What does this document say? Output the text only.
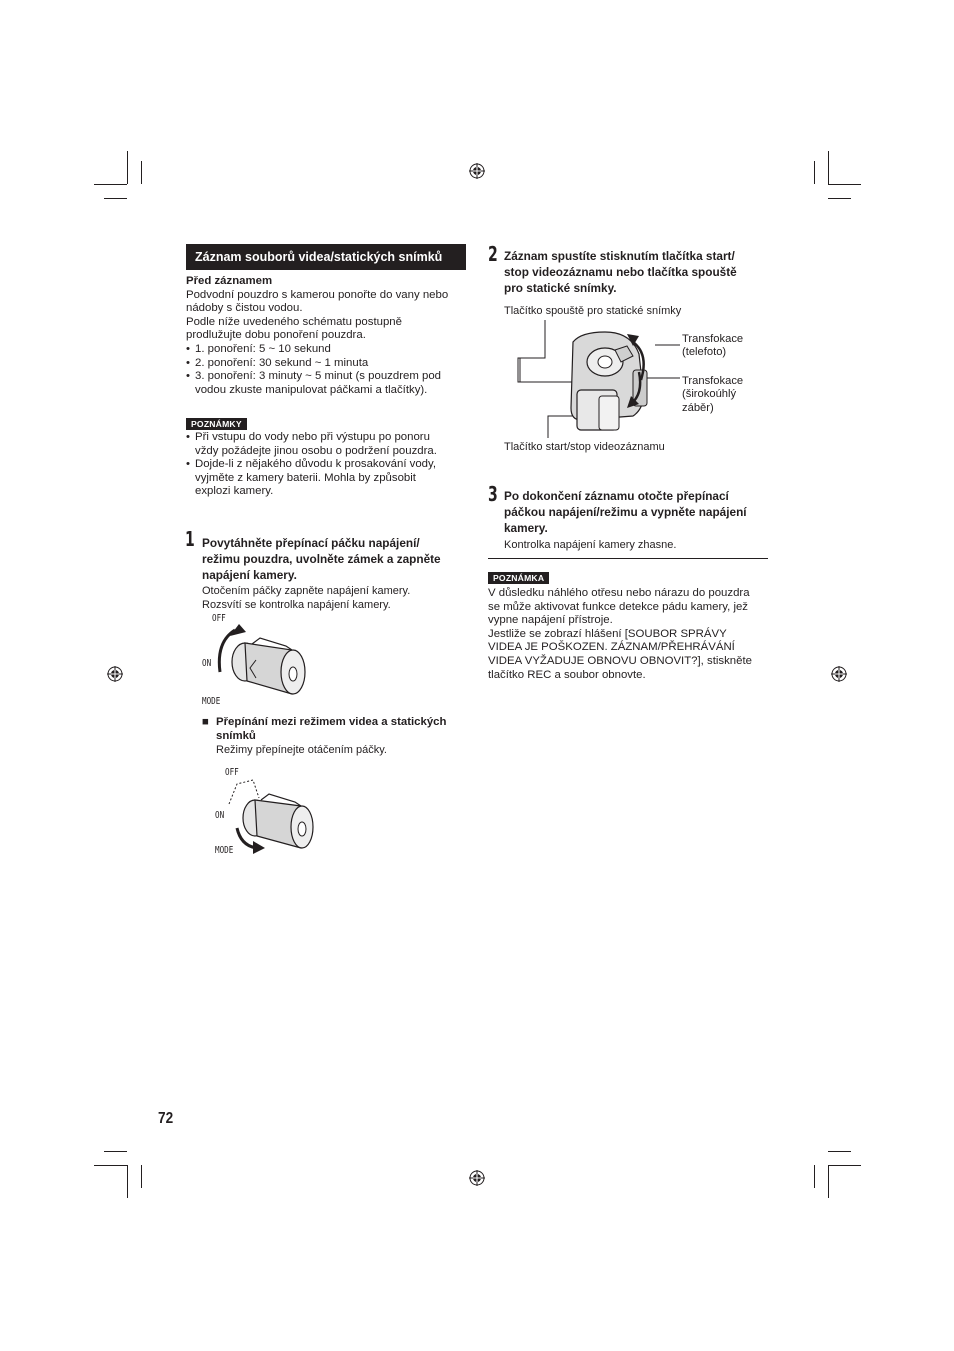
Záznam souborů videa/statických snímků
Před záznamem
Podvodní pouzdro s kamerou ponořte do vany nebo
nádoby s čistou vodou.
Podle níže uvedeného schématu postupně
prodlužujte dobu ponoření pouzdra.
• 1. ponoření: 5 ~ 10 sekund
• 2. ponoření: 30 sekund ~ 1 minuta
• 3. ponoření: 3 minuty ~ 5 minut (s pouzdrem pod
vodou zkuste manipulovat páčkami a tlačítky).
POZNÁMKY
• Při vstupu do vody nebo při výstupu po ponoru
vždy požádejte jinou osobu o podržení pouzdra.
• Dojde-li z nějakého důvodu k prosakování vody,
vyjměte z kamery baterii. Mohla by způsobit
explozi kamery.
1 Povytáhněte přepínací páčku napájení/
režimu pouzdra, uvolněte zámek a zapněte
napájení kamery.
Otočením páčky zapněte napájení kamery.
Rozsvítí se kontrolka napájení kamery.
OFF
ON
MODE
■ Přepínání mezi režimem videa a statických
snímků
Režimy přepínejte otáčením páčky.
OFF
ON
MODE
2 Záznam spustíte stisknutím tlačítka start/
stop videozáznamu nebo tlačítka spouště
pro statické snímky.
Tlačítko spouště pro statické snímky
Transfokace
(telefoto)
Transfokace
(širokoúhlý
záběr)
Tlačítko start/stop videozáznamu
3 Po dokončení záznamu otočte přepínací
páčkou napájení/režimu a vypněte napájení
kamery.
Kontrolka napájení kamery zhasne.
POZNÁMKA
V důsledku náhlého otřesu nebo nárazu do pouzdra
se může aktivovat funkce detekce pádu kamery, jež
vypne napájení přístroje.
Jestliže se zobrazí hlášení [SOUBOR SPRÁVY
VIDEA JE POŠKOZEN. ZÁZNAM/PŘEHRÁVÁNÍ
VIDEA VYŽADUJE OBNOVU OBNOVIT?], stiskněte
tlačítko REC a soubor obnovte.
72
